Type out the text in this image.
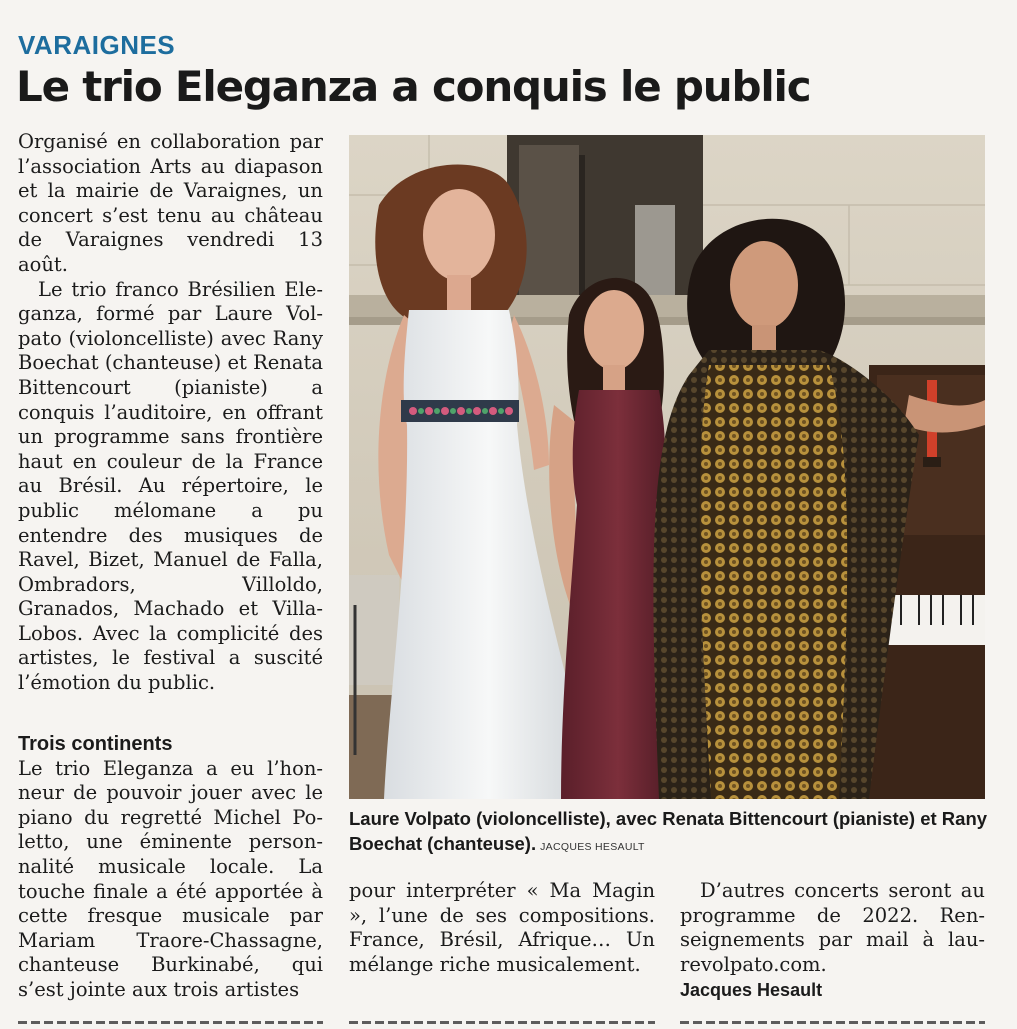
VARAIGNES
Le trio Eleganza a conquis le public

Organisé en collaboration par l’association Arts au diapason et la mairie de Varaignes, un concert s’est tenu au château de Varaignes vendredi 13 août.

Le trio franco Brésilien Eleganza, formé par Laure Volpato (violoncelliste) avec Rany Boechat (chanteuse) et Renata Bittencourt (pianiste) a conquis l’auditoire, en offrant un programme sans frontière haut en couleur de la France au Brésil. Au répertoire, le public mélomane a pu entendre des musiques de Ravel, Bizet, Manuel de Falla, Ombradors, Villoldo, Granados, Machado et Villa-Lobos. Avec la complicité des artistes, le festival a suscité l’émotion du public.

Trois continents

Le trio Eleganza a eu l’honneur de pouvoir jouer avec le piano du regretté Michel Poletto, une éminente personnalité musicale locale. La touche finale a été apportée à cette fresque musicale par Mariam Traore-Chassagne, chanteuse Burkinabé, qui s’est jointe aux trois artistes

Laure Volpato (violoncelliste), avec Renata Bittencourt (pianiste) et Rany Boechat (chanteuse). JACQUES HESAULT

pour interpréter « Ma Magin », l’une de ses compositions. France, Brésil, Afrique… Un mélange riche musicalement.

D’autres concerts seront au programme de 2022. Renseignements par mail à laurevolpato.com.

Jacques Hesault
